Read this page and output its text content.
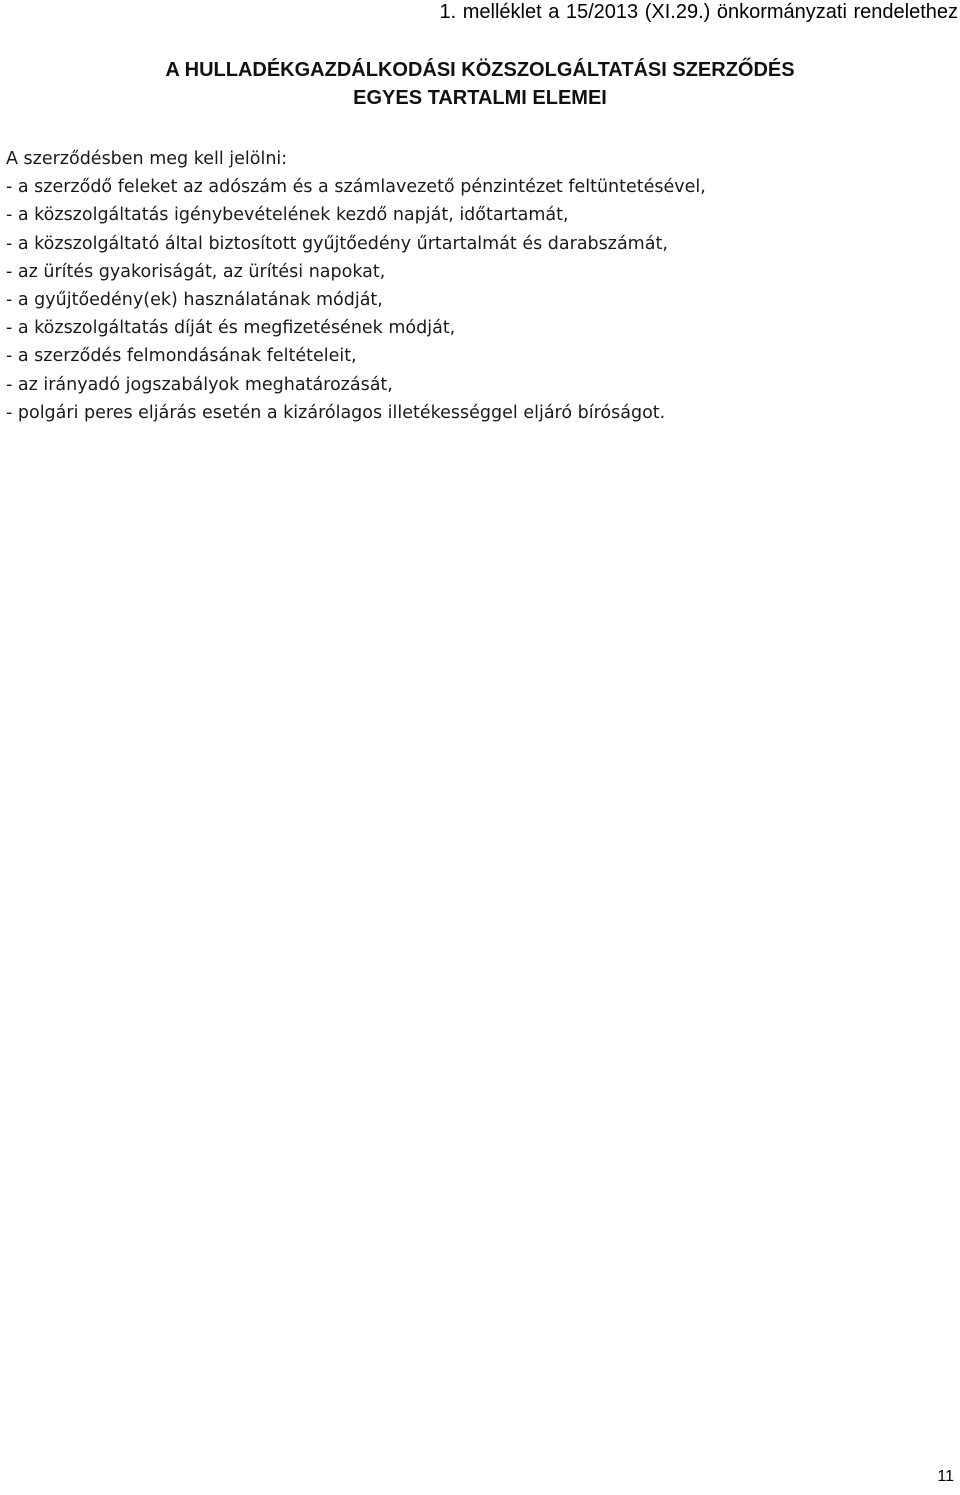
1. melléklet a 15/2013 (XI.29.) önkormányzati rendelethez
A HULLADÉKGAZDÁLKODÁSI KÖZSZOLGÁLTATÁSI SZERZŐDÉS
EGYES TARTALMI ELEMEI
A szerződésben meg kell jelölni:
- a szerződő feleket az adószám és a számlavezető pénzintézet feltüntetésével,
- a közszolgáltatás igénybevételének kezdő napját, időtartamát,
- a közszolgáltató által biztosított gyűjtőedény űrtartalmát és darabszámát,
- az ürítés gyakoriságát, az ürítési napokat,
- a gyűjtőedény(ek) használatának módját,
- a közszolgáltatás díját és megfizetésének módját,
- a szerződés felmondásának feltételeit,
- az irányadó jogszabályok meghatározását,
- polgári peres eljárás esetén a kizárólagos illetékességgel eljáró bíróságot.
11
